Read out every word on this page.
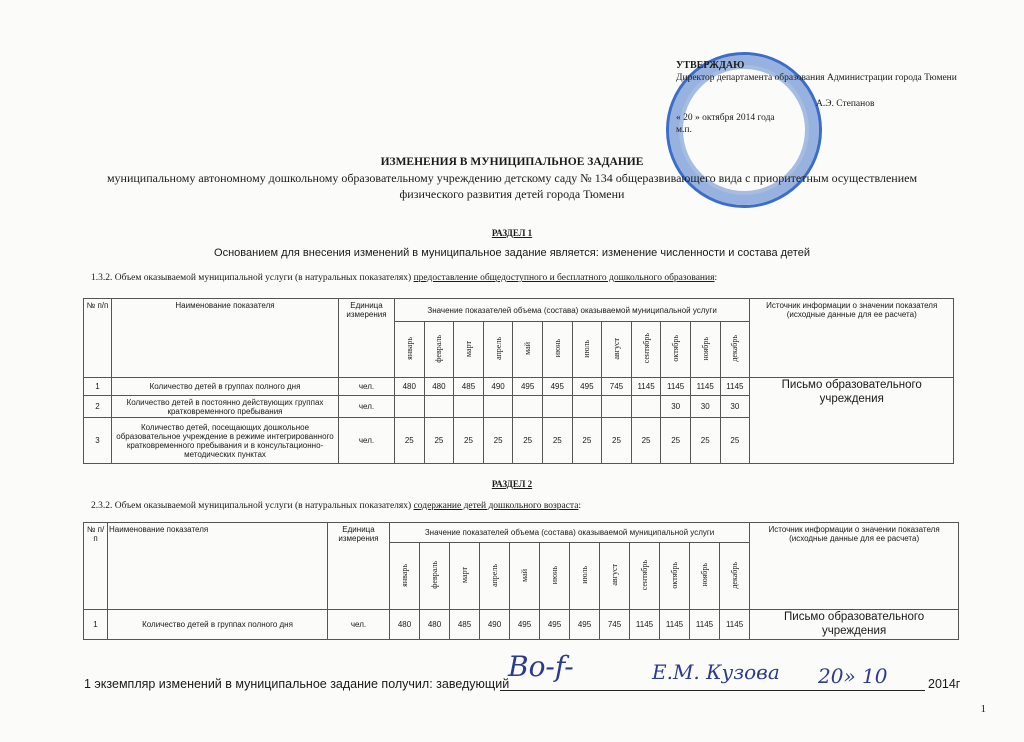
УТВЕРЖДАЮ
Директор департамента образования Администрации города Тюмени
А.Э. Степанов
« 20 » октября 2014 года
м.п.
ИЗМЕНЕНИЯ В МУНИЦИПАЛЬНОЕ ЗАДАНИЕ
муниципальному автономному дошкольному образовательному учреждению детскому саду № 134 общеразвивающего вида с приоритетным осуществлением
физического развития детей города Тюмени
РАЗДЕЛ 1
Основанием для внесения изменений в муниципальное задание является: изменение численности и состава детей
1.3.2. Объем оказываемой муниципальной услуги (в натуральных показателях) предоставление общедоступного и бесплатного дошкольного образования:
№ п/п	Наименование показателя	Единица измерения	Значение показателей объема (состава) оказываемой муниципальной услуги												Источник информации о значении показателя (исходные данные для ее расчета)
			январь	февраль	март	апрель	май	июнь	июль	август	сентябрь	октябрь	ноябрь	декабрь	
1	Количество детей в группах полного дня	чел.	480	480	485	490	495	495	495	745	1145	1145	1145	1145	Письмо образовательного учреждения
2	Количество детей в постоянно действующих группах кратковременного пребывания	чел.										30	30	30	
3	Количество детей, посещающих дошкольное образовательное учреждение в режиме интегрированного кратковременного пребывания и в консультационно-методических пунктах	чел.	25	25	25	25	25	25	25	25	25	25	25	25	
РАЗДЕЛ 2
2.3.2. Объем оказываемой муниципальной услуги (в натуральных показателях) содержание детей дошкольного возраста:
№ п/п	Наименование показателя	Единица измерения	Значение показателей объема (состава) оказываемой муниципальной услуги												Источник информации о значении показателя (исходные данные для ее расчета)
			январь	февраль	март	апрель	май	июнь	июль	август	сентябрь	октябрь	ноябрь	декабрь	
1	Количество детей в группах полного дня	чел.	480	480	485	490	495	495	495	745	1145	1145	1145	1145	Письмо образовательного учреждения
1 экземпляр изменений в муниципальное задание получил: заведующий
Bo-f-	Е.М. Кузова 20» 10	2014г
1
